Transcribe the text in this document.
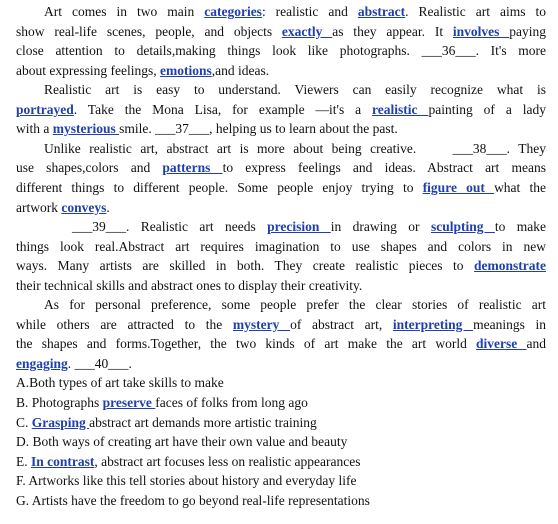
Art comes in two main categories: realistic and abstract. Realistic art aims to
show real-life scenes, people, and objects exactly as they appear. It involves paying
close attention to details,making things look like photographs. ___36___. It's more
about expressing feelings, emotions,and ideas.
Realistic art is easy to understand. Viewers can easily recognize what is
portrayed. Take the Mona Lisa, for example —it's a realistic painting of a lady
with a mysterious smile. ___37___, helping us to learn about the past.
Unlike realistic art, abstract art is more about being creative. ___38___. They
use shapes,colors and patterns to express feelings and ideas. Abstract art means
different things to different people. Some people enjoy trying to figure out what the
artwork conveys.
___39___. Realistic art needs precision in drawing or sculpting to make
things look real.Abstract art requires imagination to use shapes and colors in new
ways. Many artists are skilled in both. They create realistic pieces to demonstrate
their technical skills and abstract ones to display their creativity.
As for personal preference, some people prefer the clear stories of realistic art
while others are attracted to the mystery of abstract art, interpreting meanings in
the shapes and forms.Together, the two kinds of art make the art world diverse and
engaging. ___40___.
A.Both types of art take skills to make
B. Photographs preserve faces of folks from long ago
C. Grasping abstract art demands more artistic training
D. Both ways of creating art have their own value and beauty
E. In contrast, abstract art focuses less on realistic appearances
F. Artworks like this tell stories about history and everyday life
G. Artists have the freedom to go beyond real-life representations
